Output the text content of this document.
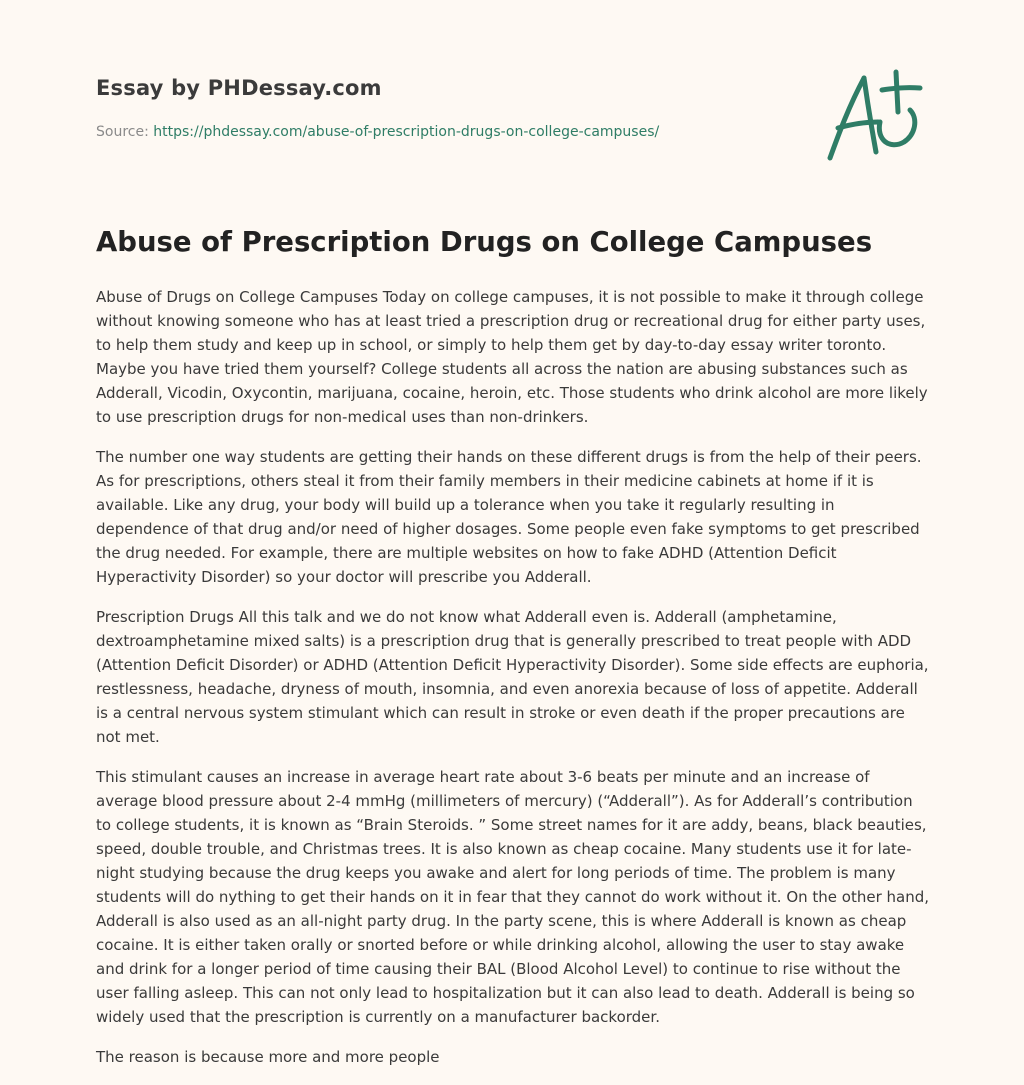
Essay by PHDessay.com
Source: https://phdessay.com/abuse-of-prescription-drugs-on-college-campuses/
Abuse of Prescription Drugs on College Campuses

Abuse of Drugs on College Campuses Today on college campuses, it is not possible to make it through college without knowing someone who has at least tried a prescription drug or recreational drug for either party uses, to help them study and keep up in school, or simply to help them get by day-to-day essay writer toronto. Maybe you have tried them yourself? College students all across the nation are abusing substances such as Adderall, Vicodin, Oxycontin, marijuana, cocaine, heroin, etc. Those students who drink alcohol are more likely to use prescription drugs for non-medical uses than non-drinkers.

The number one way students are getting their hands on these different drugs is from the help of their peers. As for prescriptions, others steal it from their family members in their medicine cabinets at home if it is available. Like any drug, your body will build up a tolerance when you take it regularly resulting in dependence of that drug and/or need of higher dosages. Some people even fake symptoms to get prescribed the drug needed. For example, there are multiple websites on how to fake ADHD (Attention Deficit Hyperactivity Disorder) so your doctor will prescribe you Adderall.

Prescription Drugs All this talk and we do not know what Adderall even is. Adderall (amphetamine, dextroamphetamine mixed salts) is a prescription drug that is generally prescribed to treat people with ADD (Attention Deficit Disorder) or ADHD (Attention Deficit Hyperactivity Disorder). Some side effects are euphoria, restlessness, headache, dryness of mouth, insomnia, and even anorexia because of loss of appetite. Adderall is a central nervous system stimulant which can result in stroke or even death if the proper precautions are not met.

This stimulant causes an increase in average heart rate about 3-6 beats per minute and an increase of average blood pressure about 2-4 mmHg (millimeters of mercury) (“Adderall”). As for Adderall’s contribution to college students, it is known as “Brain Steroids. ” Some street names for it are addy, beans, black beauties, speed, double trouble, and Christmas trees. It is also known as cheap cocaine. Many students use it for late-night studying because the drug keeps you awake and alert for long periods of time. The problem is many students will do nything to get their hands on it in fear that they cannot do work without it. On the other hand, Adderall is also used as an all-night party drug. In the party scene, this is where Adderall is known as cheap cocaine. It is either taken orally or snorted before or while drinking alcohol, allowing the user to stay awake and drink for a longer period of time causing their BAL (Blood Alcohol Level) to continue to rise without the user falling asleep. This can not only lead to hospitalization but it can also lead to death. Adderall is being so widely used that the prescription is currently on a manufacturer backorder.

The reason is because more and more people
